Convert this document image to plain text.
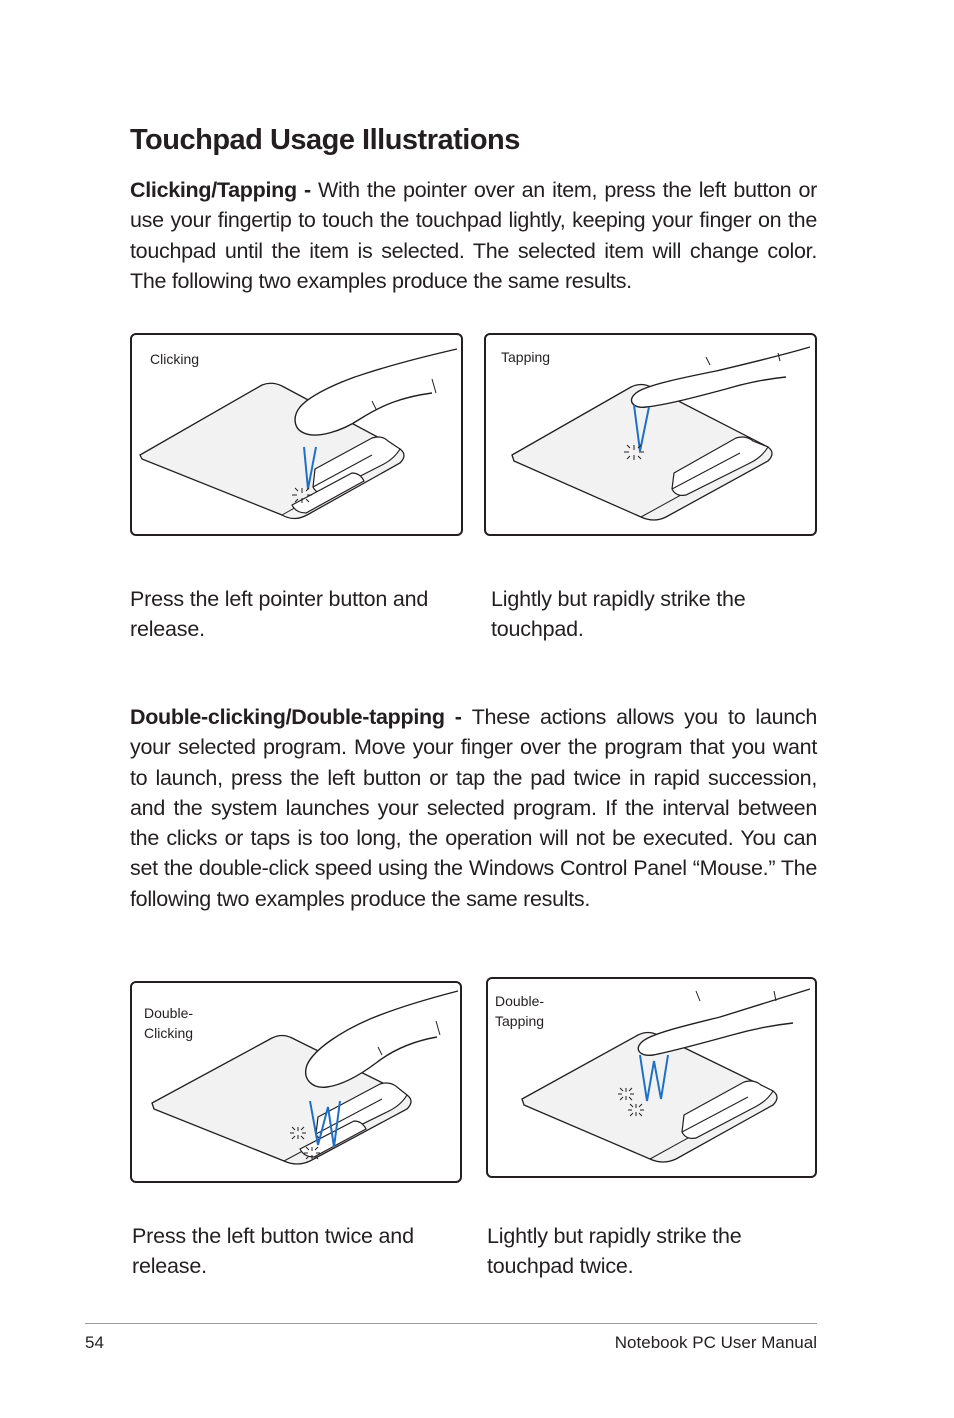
Touchpad Usage Illustrations

Clicking/Tapping - With the pointer over an item, press the left button or use your fingertip to touch the touchpad lightly, keeping your finger on the touchpad until the item is selected. The selected item will change color. The following two examples produce the same results.

Clicking	Tapping

Press the left pointer button and release.

Lightly but rapidly strike the touchpad.

Double-clicking/Double-tapping - These actions allows you to launch your selected program. Move your finger over the program that you want to launch, press the left button or tap the pad twice in rapid succession, and the system launches your selected program. If the interval between the clicks or taps is too long, the operation will not be executed. You can set the double-click speed using the Windows Control Panel “Mouse.” The following two examples produce the same results.

Double-
Clicking
Double-
Tapping

Press the left button twice and release.

Lightly but rapidly strike the touchpad twice.

54	Notebook PC User Manual
